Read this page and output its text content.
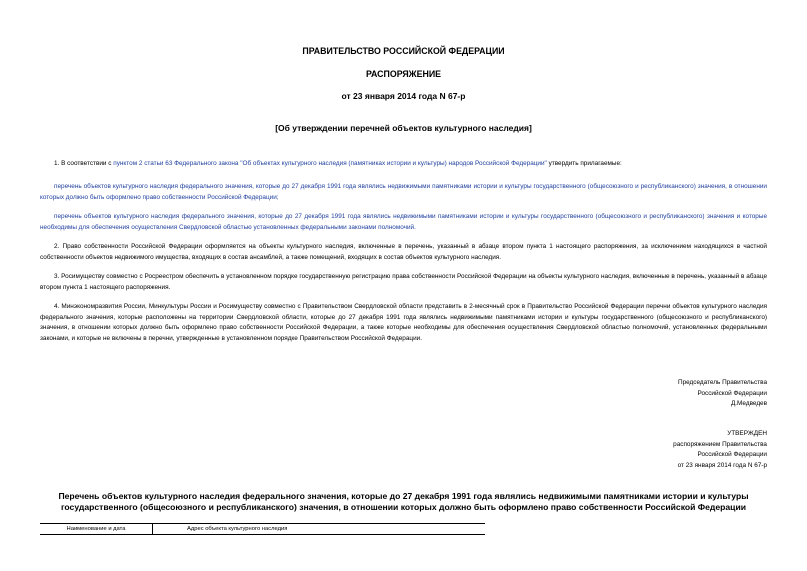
ПРАВИТЕЛЬСТВО РОССИЙСКОЙ ФЕДЕРАЦИИ
РАСПОРЯЖЕНИЕ
от 23 января 2014 года N 67-р
[Об утверждении перечней объектов культурного наследия]
1. В соответствии с пунктом 2 статьи 63 Федерального закона "Об объектах культурного наследия (памятниках истории и культуры) народов Российской Федерации" утвердить прилагаемые:
перечень объектов культурного наследия федерального значения, которые до 27 декабря 1991 года являлись недвижимыми памятниками истории и культуры государственного (общесоюзного и республиканского) значения, в отношении которых должно быть оформлено право собственности Российской Федерации;
перечень объектов культурного наследия федерального значения, которые до 27 декабря 1991 года являлись недвижимыми памятниками истории и культуры государственного (общесоюзного и республиканского) значения и которые необходимы для обеспечения осуществления Свердловской областью установленных федеральными законами полномочий.
2. Право собственности Российской Федерации оформляется на объекты культурного наследия, включенные в перечень, указанный в абзаце втором пункта 1 настоящего распоряжения, за исключением находящихся в частной собственности объектов недвижимого имущества, входящих в состав ансамблей, а также помещений, входящих в состав объектов культурного наследия.
3. Росимуществу совместно с Росреестром обеспечить в установленном порядке государственную регистрацию права собственности Российской Федерации на объекты культурного наследия, включенные в перечень, указанный в абзаце втором пункта 1 настоящего распоряжения.
4. Минэкономразвития России, Минкультуры России и Росимуществу совместно с Правительством Свердловской области представить в 2-месячный срок в Правительство Российской Федерации перечни объектов культурного наследия федерального значения, которые расположены на территории Свердловской области, которые до 27 декабря 1991 года являлись недвижимыми памятниками истории и культуры государственного (общесоюзного и республиканского) значения, в отношении которых должно быть оформлено право собственности Российской Федерации, а также которые необходимы для обеспечения осуществления Свердловской областью полномочий, установленных федеральными законами, и которые не включены в перечни, утвержденные в установленном порядке Правительством Российской Федерации.
Председатель Правительства
Российской Федерации
Д.Медведев
УТВЕРЖДЕН
распоряжением Правительства
Российской Федерации
от 23 января 2014 года N 67-р
Перечень объектов культурного наследия федерального значения, которые до 27 декабря 1991 года являлись недвижимыми памятниками истории и культуры государственного (общесоюзного и республиканского) значения, в отношении которых должно быть оформлено право собственности Российской Федерации
Наименование и дата	Адрес объекта культурного наследия
